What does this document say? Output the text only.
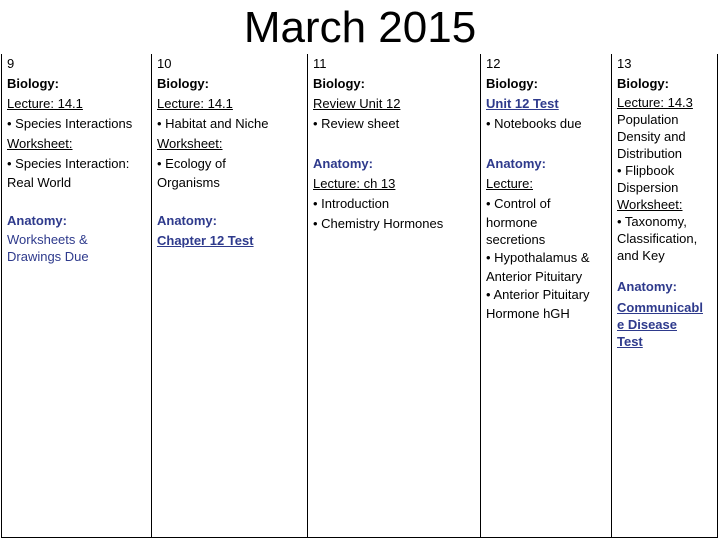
March 2015
9
Biology:
Lecture: 14.1
• Species Interactions
Worksheet:
• Species Interaction:
Real World
Anatomy:
Worksheets &
Drawings Due
10
Biology:
Lecture: 14.1
• Habitat and Niche
Worksheet:
• Ecology of
Organisms
Anatomy:
Chapter 12 Test
11
Biology:
Review Unit 12
• Review sheet
Anatomy:
Lecture: ch 13
• Introduction
• Chemistry Hormones
12
Biology:
Unit 12 Test
• Notebooks due
Anatomy:
Lecture:
• Control of
hormone
secretions
• Hypothalamus &
Anterior Pituitary
• Anterior Pituitary
Hormone hGH
13
Biology:
Lecture: 14.3
Population
Density and
Distribution
• Flipbook
Dispersion
Worksheet:
• Taxonomy,
Classification,
and Key
Anatomy:
Communicabl
e Disease
Test
